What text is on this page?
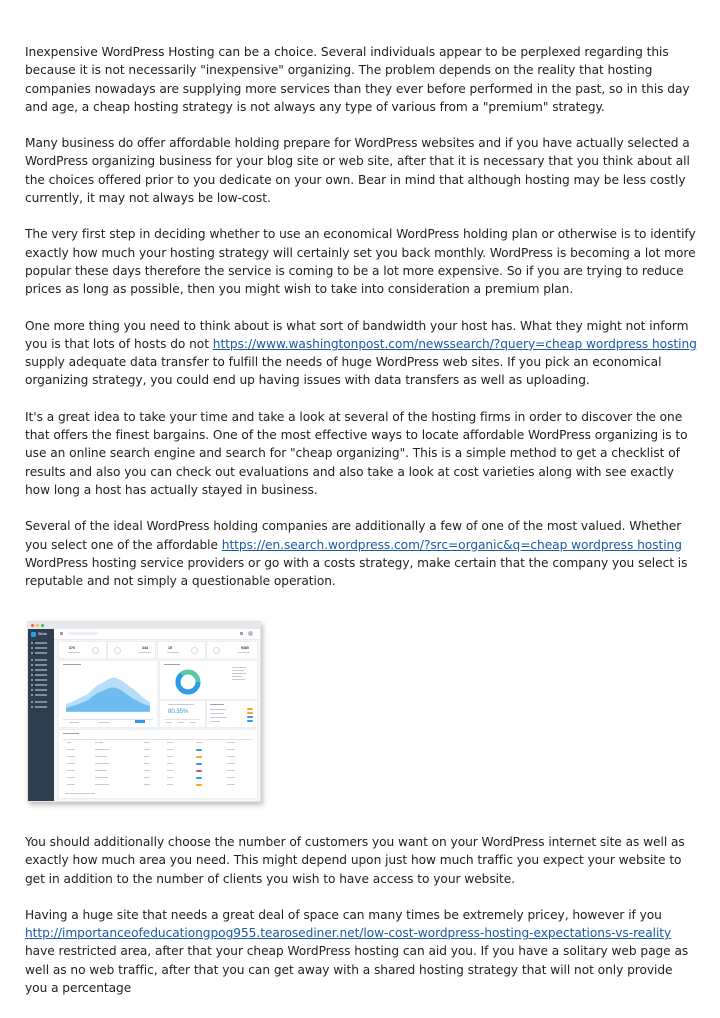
Inexpensive WordPress Hosting can be a choice. Several individuals appear to be perplexed regarding this because it is not necessarily "inexpensive" organizing. The problem depends on the reality that hosting companies nowadays are supplying more services than they ever before performed in the past, so in this day and age, a cheap hosting strategy is not always any type of various from a "premium" strategy.

Many business do offer affordable holding prepare for WordPress websites and if you have actually selected a WordPress organizing business for your blog site or web site, after that it is necessary that you think about all the choices offered prior to you dedicate on your own. Bear in mind that although hosting may be less costly currently, it may not always be low-cost.

The very first step in deciding whether to use an economical WordPress holding plan or otherwise is to identify exactly how much your hosting strategy will certainly set you back monthly. WordPress is becoming a lot more popular these days therefore the service is coming to be a lot more expensive. So if you are trying to reduce prices as long as possible, then you might wish to take into consideration a premium plan.

One more thing you need to think about is what sort of bandwidth your host has. What they might not inform you is that lots of hosts do not https://www.washingtonpost.com/newssearch/?query=cheap wordpress hosting supply adequate data transfer to fulfill the needs of huge WordPress web sites. If you pick an economical organizing strategy, you could end up having issues with data transfers as well as uploading.

It's a great idea to take your time and take a look at several of the hosting firms in order to discover the one that offers the finest bargains. One of the most effective ways to locate affordable WordPress organizing is to use an online search engine and search for "cheap organizing". This is a simple method to get a checklist of results and also you can check out evaluations and also take a look at cost varieties along with see exactly how long a host has actually stayed in business.

Several of the ideal WordPress holding companies are additionally a few of one of the most valued. Whether you select one of the affordable https://en.search.wordpress.com/?src=organic&q=cheap wordpress hosting WordPress hosting service providers or go with a costs strategy, make certain that the company you select is reputable and not simply a questionable operation.

Stisla
370	344	15	9380
80.35%

You should additionally choose the number of customers you want on your WordPress internet site as well as exactly how much area you need. This might depend upon just how much traffic you expect your website to get in addition to the number of clients you wish to have access to your website.

Having a huge site that needs a great deal of space can many times be extremely pricey, however if you http://importanceofeducationgpog955.tearosediner.net/low-cost-wordpress-hosting-expectations-vs-reality have restricted area, after that your cheap WordPress hosting can aid you. If you have a solitary web page as well as no web traffic, after that you can get away with a shared hosting strategy that will not only provide you a percentage
